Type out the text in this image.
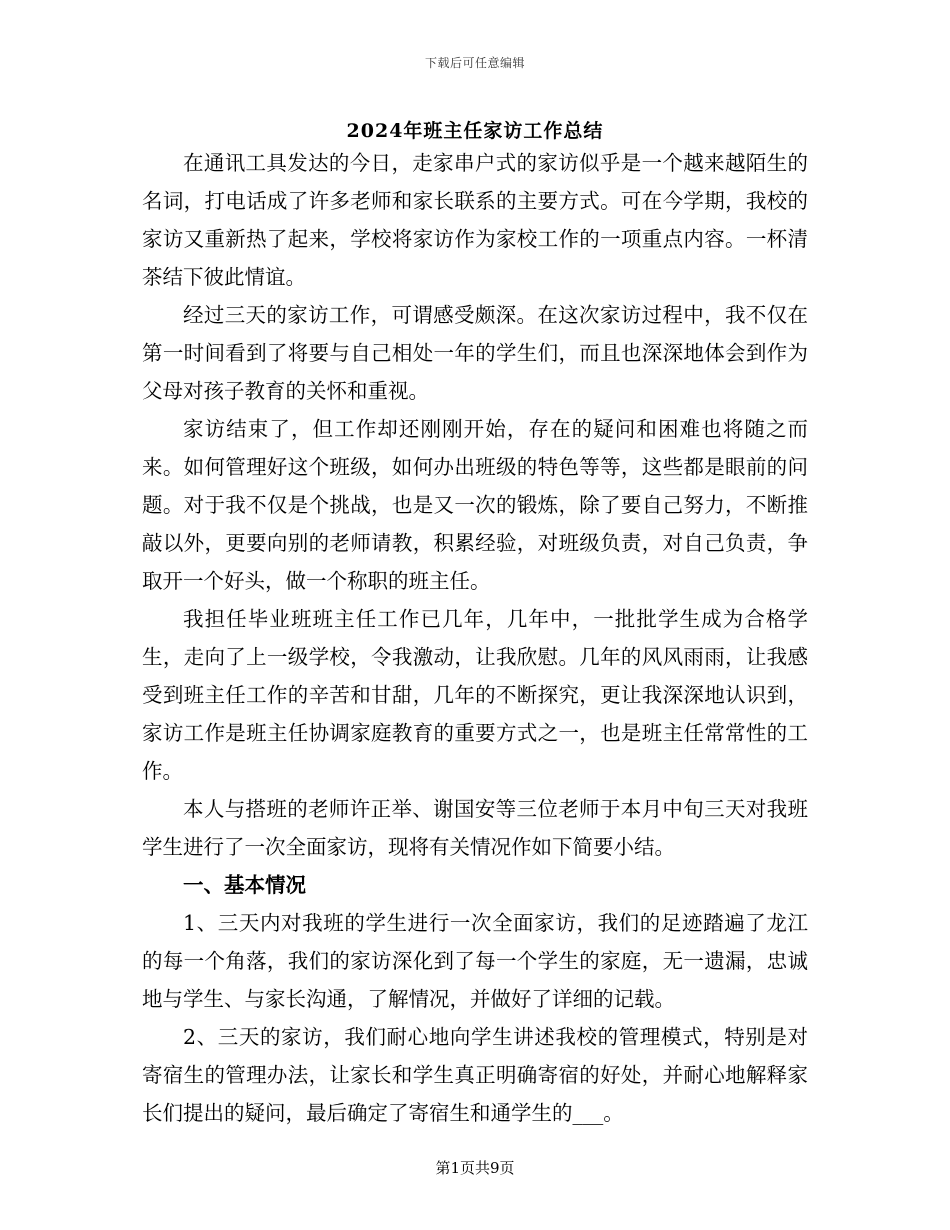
下载后可任意编辑
2024年班主任家访工作总结

在通讯工具发达的今日，走家串户式的家访似乎是一个越来越陌生的名词，打电话成了许多老师和家长联系的主要方式。可在今学期，我校的家访又重新热了起来，学校将家访作为家校工作的一项重点内容。一杯清茶结下彼此情谊。

经过三天的家访工作，可谓感受颇深。在这次家访过程中，我不仅在第一时间看到了将要与自己相处一年的学生们，而且也深深地体会到作为父母对孩子教育的关怀和重视。

家访结束了，但工作却还刚刚开始，存在的疑问和困难也将随之而来。如何管理好这个班级，如何办出班级的特色等等，这些都是眼前的问题。对于我不仅是个挑战，也是又一次的锻炼，除了要自己努力，不断推敲以外，更要向别的老师请教，积累经验，对班级负责，对自己负责，争取开一个好头，做一个称职的班主任。

我担任毕业班班主任工作已几年，几年中，一批批学生成为合格学生，走向了上一级学校，令我激动，让我欣慰。几年的风风雨雨，让我感受到班主任工作的辛苦和甘甜，几年的不断探究，更让我深深地认识到，家访工作是班主任协调家庭教育的重要方式之一，也是班主任常常性的工作。

本人与搭班的老师许正举、谢国安等三位老师于本月中旬三天对我班学生进行了一次全面家访，现将有关情况作如下简要小结。

一、基本情况

1、三天内对我班的学生进行一次全面家访，我们的足迹踏遍了龙江的每一个角落，我们的家访深化到了每一个学生的家庭，无一遗漏，忠诚地与学生、与家长沟通，了解情况，并做好了详细的记载。

2、三天的家访，我们耐心地向学生讲述我校的管理模式，特别是对寄宿生的管理办法，让家长和学生真正明确寄宿的好处，并耐心地解释家长们提出的疑问，最后确定了寄宿生和通学生的___。

第1页共9页
